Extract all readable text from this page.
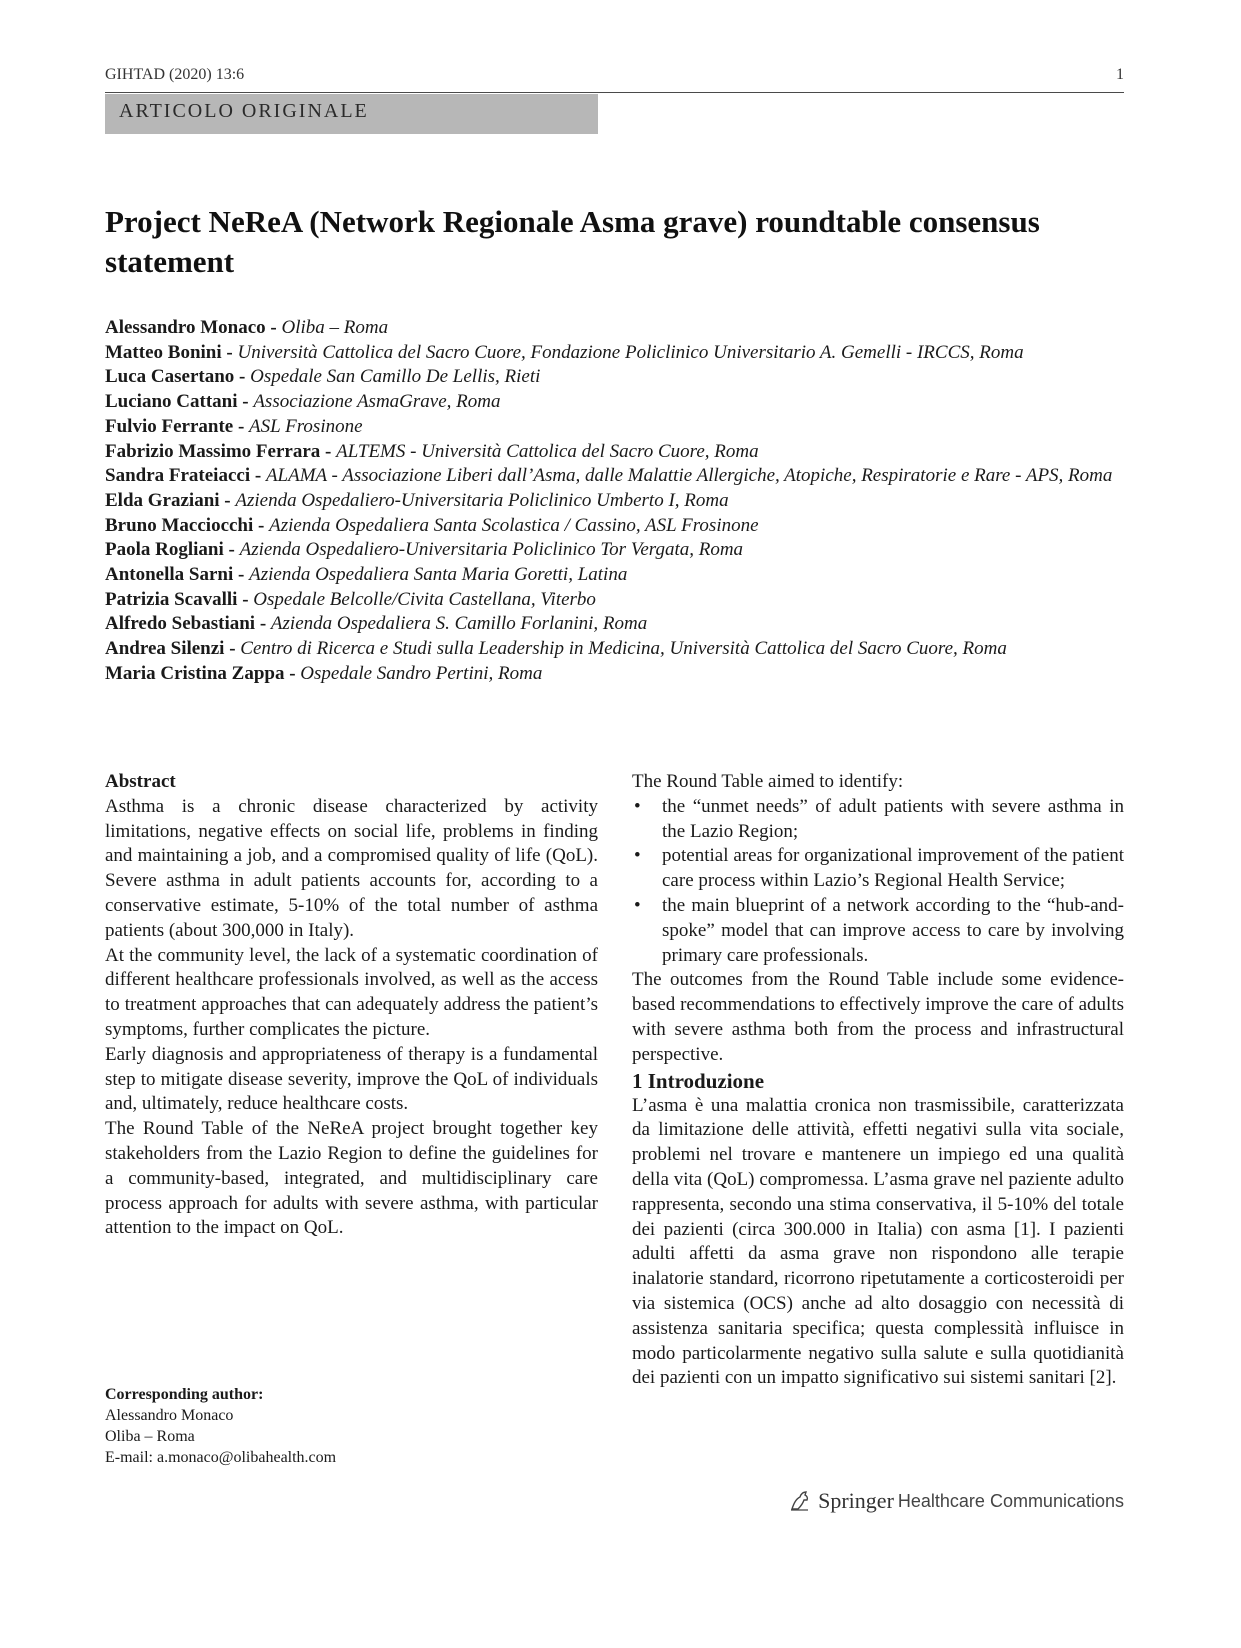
GIHTAD (2020) 13:6	1
ARTICOLO ORIGINALE
Project NeReA (Network Regionale Asma grave) roundtable consensus statement
Alessandro Monaco - Oliba – Roma
Matteo Bonini - Università Cattolica del Sacro Cuore, Fondazione Policlinico Universitario A. Gemelli - IRCCS, Roma
Luca Casertano - Ospedale San Camillo De Lellis, Rieti
Luciano Cattani - Associazione AsmaGrave, Roma
Fulvio Ferrante - ASL Frosinone
Fabrizio Massimo Ferrara - ALTEMS - Università Cattolica del Sacro Cuore, Roma
Sandra Frateiacci - ALAMA - Associazione Liberi dall’Asma, dalle Malattie Allergiche, Atopiche, Respiratorie e Rare - APS, Roma
Elda Graziani - Azienda Ospedaliero-Universitaria Policlinico Umberto I, Roma
Bruno Macciocchi - Azienda Ospedaliera Santa Scolastica / Cassino, ASL Frosinone
Paola Rogliani - Azienda Ospedaliero-Universitaria Policlinico Tor Vergata, Roma
Antonella Sarni - Azienda Ospedaliera Santa Maria Goretti, Latina
Patrizia Scavalli - Ospedale Belcolle/Civita Castellana, Viterbo
Alfredo Sebastiani - Azienda Ospedaliera S. Camillo Forlanini, Roma
Andrea Silenzi - Centro di Ricerca e Studi sulla Leadership in Medicina, Università Cattolica del Sacro Cuore, Roma
Maria Cristina Zappa - Ospedale Sandro Pertini, Roma

Abstract

Asthma is a chronic disease characterized by activity limitations, negative effects on social life, problems in finding and maintaining a job, and a compromised quality of life (QoL). Severe asthma in adult patients accounts for, according to a conservative estimate, 5-10% of the total number of asthma patients (about 300,000 in Italy).

At the community level, the lack of a systematic coordination of different healthcare professionals involved, as well as the access to treatment approaches that can adequately address the patient’s symptoms, further complicates the picture.

Early diagnosis and appropriateness of therapy is a fundamental step to mitigate disease severity, improve the QoL of individuals and, ultimately, reduce healthcare costs.

The Round Table of the NeReA project brought together key stakeholders from the Lazio Region to define the guidelines for a community-based, integrated, and multidisciplinary care process approach for adults with severe asthma, with particular attention to the impact on QoL.

Corresponding author:
Alessandro Monaco
Oliba – Roma
E-mail: a.monaco@olibahealth.com

The Round Table aimed to identify:

• the “unmet needs” of adult patients with severe asthma in the Lazio Region;
• potential areas for organizational improvement of the patient care process within Lazio’s Regional Health Service;
• the main blueprint of a network according to the “hub-and-spoke” model that can improve access to care by involving primary care professionals.

The outcomes from the Round Table include some evidence-based recommendations to effectively improve the care of adults with severe asthma both from the process and infrastructural perspective.

1 Introduzione

L’asma è una malattia cronica non trasmissibile, caratterizzata da limitazione delle attività, effetti negativi sulla vita sociale, problemi nel trovare e mantenere un impiego ed una qualità della vita (QoL) compromessa. L’asma grave nel paziente adulto rappresenta, secondo una stima conservativa, il 5-10% del totale dei pazienti (circa 300.000 in Italia) con asma [1]. I pazienti adulti affetti da asma grave non rispondono alle terapie inalatorie standard, ricorrono ripetutamente a corticosteroidi per via sistemica (OCS) anche ad alto dosaggio con necessità di assistenza sanitaria specifica; questa complessità influisce in modo particolarmente negativo sulla salute e sulla quotidianità dei pazienti con un impatto significativo sui sistemi sanitari [2].

Springer Healthcare Communications
